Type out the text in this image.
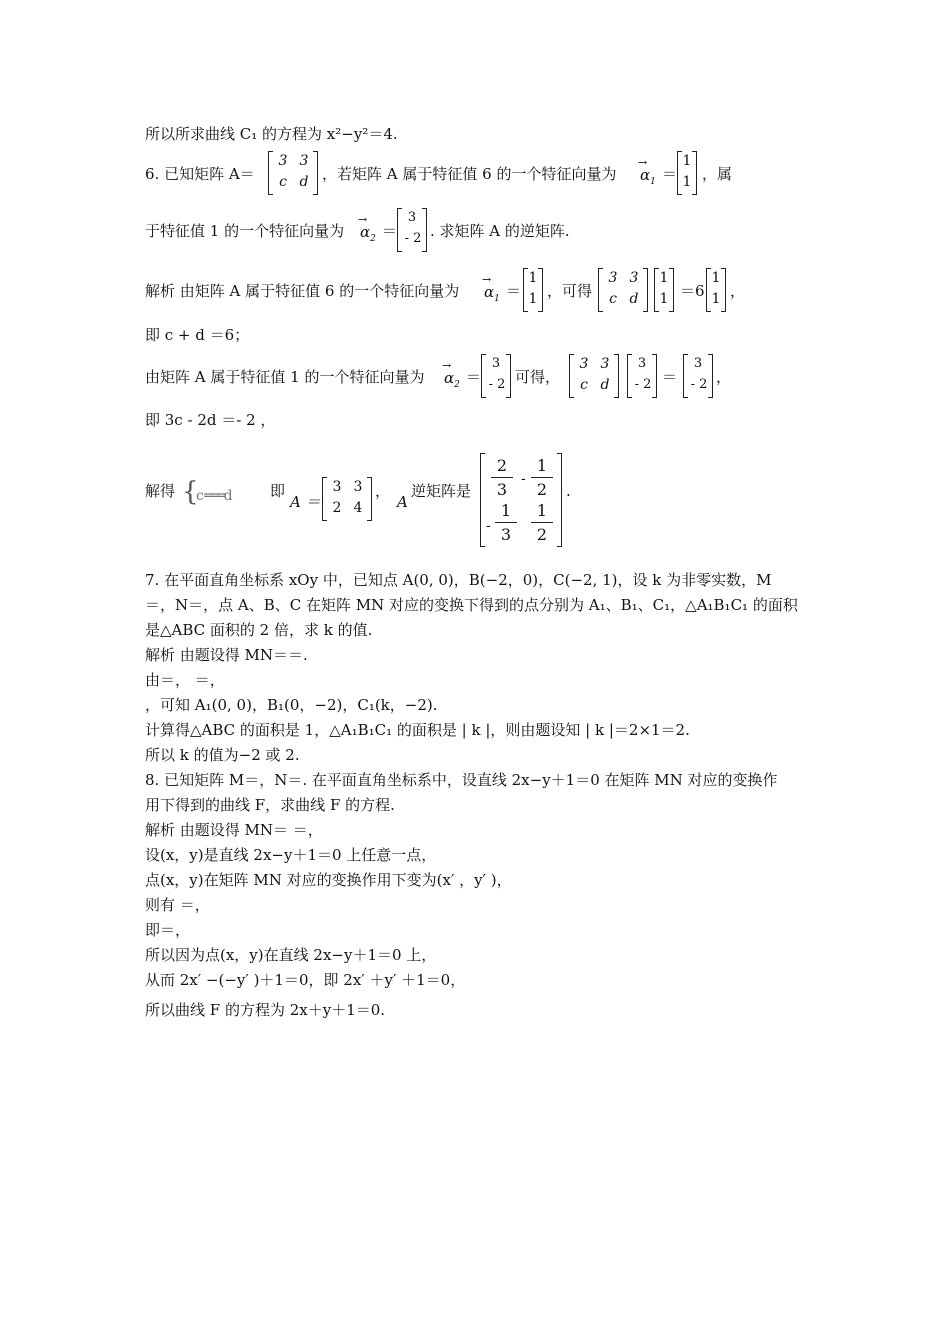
所以所求曲线 C₁ 的方程为 x²−y²＝4.
6. 已知矩阵 A＝
3 3
c d ，若矩阵 A 属于特征值 6 的一个特征向量为
→
$\alpha_1$ ＝
1
1 ，属
于特征值 1 的一个特征向量为
→
$\alpha_2$ ＝
3
- 2 . 求矩阵 A 的逆矩阵.
解析 由矩阵 A 属于特征值 6 的一个特征向量为
→
$\alpha_1$ ＝
1
1 ，可得
3 3
c d
1
1 ＝6
1
1 ，
即 c + d ＝6；
由矩阵 A 属于特征值 1 的一个特征向量为
→
$\alpha_2$ ＝
3
- 2 可得，
3 3
c d
3
- 2 ＝
3
- 2 ，
即 3c - 2d ＝- 2 ，
解得 {
c ═══d	即
A ＝
3 3
2 4
，
A
逆矩阵是
2
3
-
1
2
-
1
3
1
2
.
7. 在平面直角坐标系 xOy 中，已知点 A(0, 0)，B(−2，0)，C(−2, 1)，设 k 为非零实数，M
＝，N＝，点 A、B、C 在矩阵 MN 对应的变换下得到的点分别为 A₁、B₁、C₁，△A₁B₁C₁ 的面积
是△ABC 面积的 2 倍，求 k 的值.
解析 由题设得 MN＝＝.
由＝， ＝，
，可知 A₁(0, 0)，B₁(0，−2)，C₁(k，−2).
计算得△ABC 的面积是 1，△A₁B₁C₁ 的面积是 | k |，则由题设知 | k |＝2×1＝2.
所以 k 的值为−2 或 2.
8. 已知矩阵 M＝，N＝. 在平面直角坐标系中，设直线 2x−y＋1＝0 在矩阵 MN 对应的变换作
用下得到的曲线 F，求曲线 F 的方程.
解析 由题设得 MN＝ ＝，
设(x，y)是直线 2x−y＋1＝0 上任意一点，
点(x，y)在矩阵 MN 对应的变换作用下变为(x′ ，y′ )，
则有 ＝，
即＝，
所以因为点(x，y)在直线 2x−y＋1＝0 上，
从而 2x′ −(−y′ )＋1＝0，即 2x′ ＋y′ ＋1＝0，
所以曲线 F 的方程为 2x＋y＋1＝0.
